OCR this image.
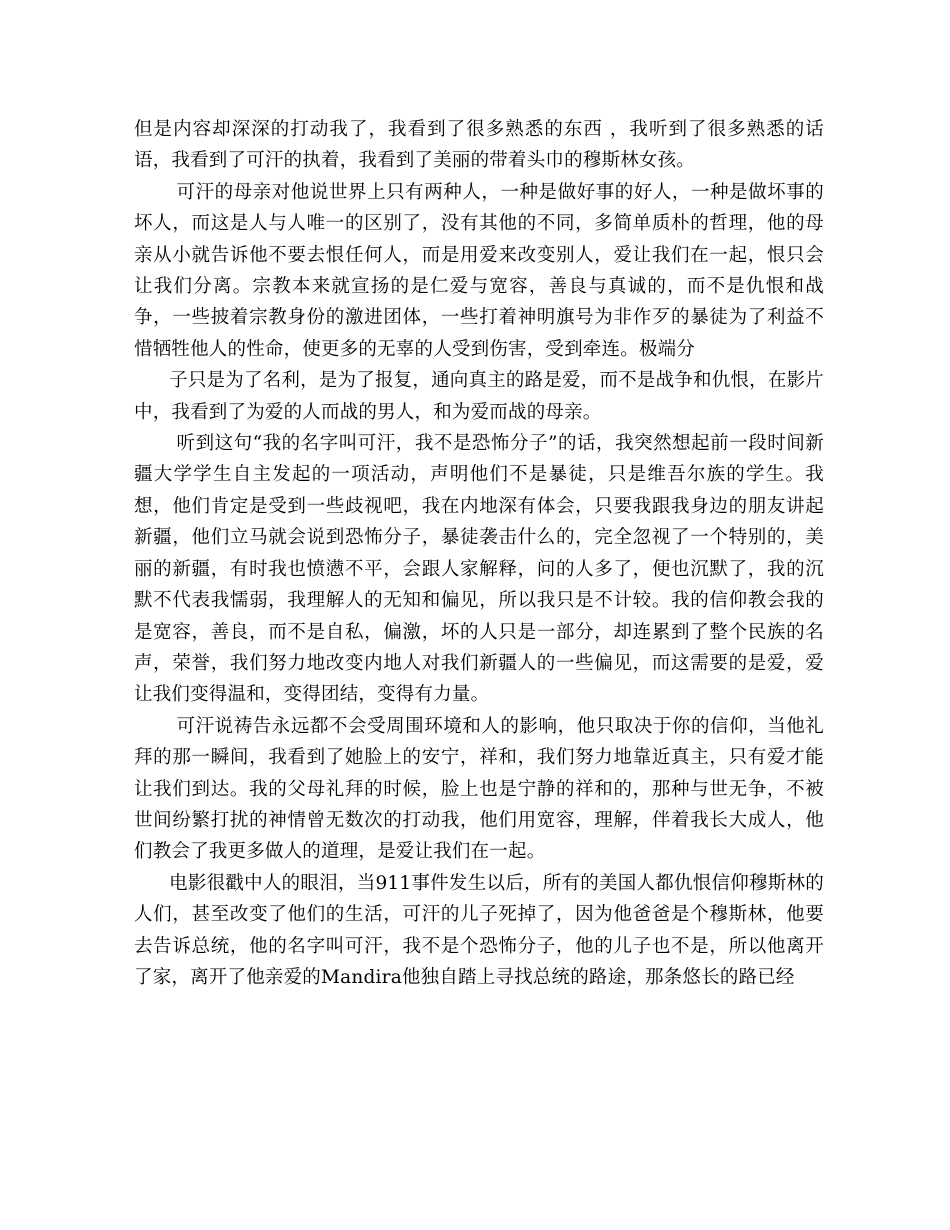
但是内容却深深的打动我了，我看到了很多熟悉的东西 ，我听到了很多熟悉的话语，我看到了可汗的执着，我看到了美丽的带着头巾的穆斯林女孩。

可汗的母亲对他说世界上只有两种人，一种是做好事的好人，一种是做坏事的坏人，而这是人与人唯一的区别了，没有其他的不同，多简单质朴的哲理，他的母亲从小就告诉他不要去恨任何人，而是用爱来改变别人，爱让我们在一起，恨只会让我们分离。宗教本来就宣扬的是仁爱与宽容，善良与真诚的，而不是仇恨和战争，一些披着宗教身份的激进团体，一些打着神明旗号为非作歹的暴徒为了利益不惜牺牲他人的性命，使更多的无辜的人受到伤害，受到牵连。极端分

子只是为了名利，是为了报复，通向真主的路是爱，而不是战争和仇恨，在影片中，我看到了为爱的人而战的男人，和为爱而战的母亲。

听到这句“我的名字叫可汗，我不是恐怖分子”的话，我突然想起前一段时间新疆大学学生自主发起的一项活动，声明他们不是暴徒，只是维吾尔族的学生。我想，他们肯定是受到一些歧视吧，我在内地深有体会，只要我跟我身边的朋友讲起新疆，他们立马就会说到恐怖分子，暴徒袭击什么的，完全忽视了一个特别的，美丽的新疆，有时我也愤懑不平，会跟人家解释，问的人多了，便也沉默了，我的沉默不代表我懦弱，我理解人的无知和偏见，所以我只是不计较。我的信仰教会我的是宽容，善良，而不是自私，偏激，坏的人只是一部分，却连累到了整个民族的名声，荣誉，我们努力地改变内地人对我们新疆人的一些偏见，而这需要的是爱，爱让我们变得温和，变得团结，变得有力量。

可汗说祷告永远都不会受周围环境和人的影响，他只取决于你的信仰，当他礼拜的那一瞬间，我看到了她脸上的安宁，祥和，我们努力地靠近真主，只有爱才能让我们到达。我的父母礼拜的时候，脸上也是宁静的祥和的，那种与世无争，不被世间纷繁打扰的神情曾无数次的打动我，他们用宽容，理解，伴着我长大成人，他们教会了我更多做人的道理，是爱让我们在一起。

电影很戳中人的眼泪，当911事件发生以后，所有的美国人都仇恨信仰穆斯林的人们，甚至改变了他们的生活，可汗的儿子死掉了，因为他爸爸是个穆斯林，他要去告诉总统，他的名字叫可汗，我不是个恐怖分子，他的儿子也不是，所以他离开了家，离开了他亲爱的Mandira他独自踏上寻找总统的路途，那条悠长的路已经
